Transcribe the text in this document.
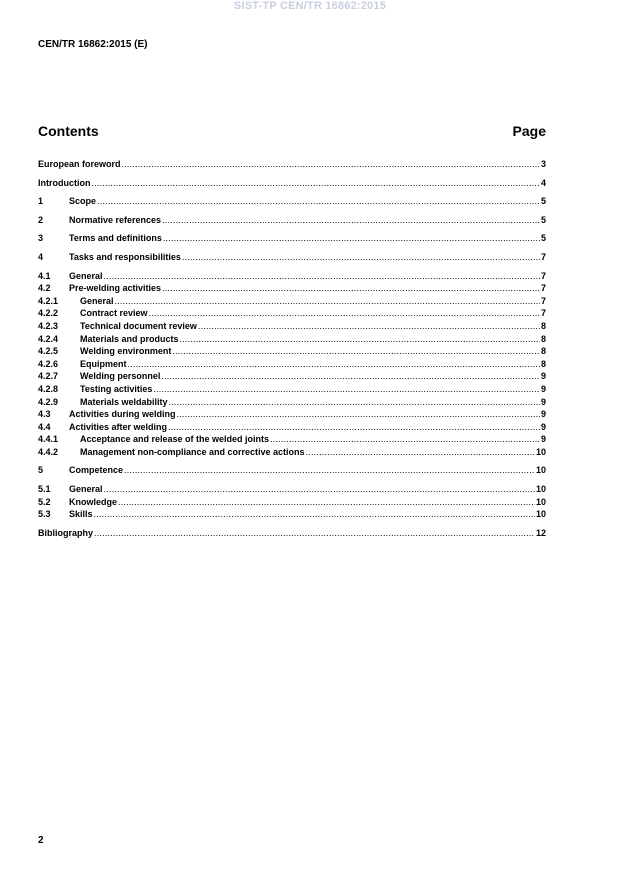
SIST-TP CEN/TR 16862:2015
CEN/TR 16862:2015 (E)
Contents	Page
European foreword .....	3
Introduction .....	4
1	Scope .....	5
2	Normative references .....	5
3	Terms and definitions .....	5
4	Tasks and responsibilities .....	7
4.1	General .....	7
4.2	Pre-welding activities .....	7
4.2.1	General .....	7
4.2.2	Contract review .....	7
4.2.3	Technical document review .....	8
4.2.4	Materials and products .....	8
4.2.5	Welding environment .....	8
4.2.6	Equipment .....	8
4.2.7	Welding personnel .....	9
4.2.8	Testing activities .....	9
4.2.9	Materials weldability .....	9
4.3	Activities during welding .....	9
4.4	Activities after welding .....	9
4.4.1	Acceptance and release of the welded joints .....	9
4.4.2	Management non-compliance and corrective actions .....	10
5	Competence .....	10
5.1	General .....	10
5.2	Knowledge .....	10
5.3	Skills .....	10
Bibliography .....	12
2
